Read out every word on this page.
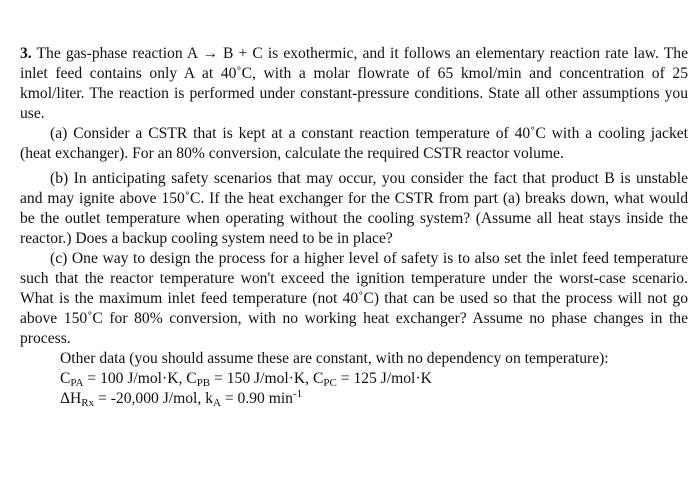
3. The gas-phase reaction A → B + C is exothermic, and it follows an elementary reaction rate law. The inlet feed contains only A at 40˚C, with a molar flowrate of 65 kmol/min and concentration of 25 kmol/liter. The reaction is performed under constant-pressure conditions. State all other assumptions you use.

(a) Consider a CSTR that is kept at a constant reaction temperature of 40˚C with a cooling jacket (heat exchanger). For an 80% conversion, calculate the required CSTR reactor volume.

(b) In anticipating safety scenarios that may occur, you consider the fact that product B is unstable and may ignite above 150˚C. If the heat exchanger for the CSTR from part (a) breaks down, what would be the outlet temperature when operating without the cooling system? (Assume all heat stays inside the reactor.) Does a backup cooling system need to be in place?

(c) One way to design the process for a higher level of safety is to also set the inlet feed temperature such that the reactor temperature won't exceed the ignition temperature under the worst-case scenario. What is the maximum inlet feed temperature (not 40˚C) that can be used so that the process will not go above 150˚C for 80% conversion, with no working heat exchanger? Assume no phase changes in the process.

Other data (you should assume these are constant, with no dependency on temperature):

$C_{PA} = 100$ J/mol·K, $C_{PB} = 150$ J/mol·K, $C_{PC} = 125$ J/mol·K

$\Delta H_{Rx} = -20,000$ J/mol, $k_A = 0.90$ $\min^{-1}$
